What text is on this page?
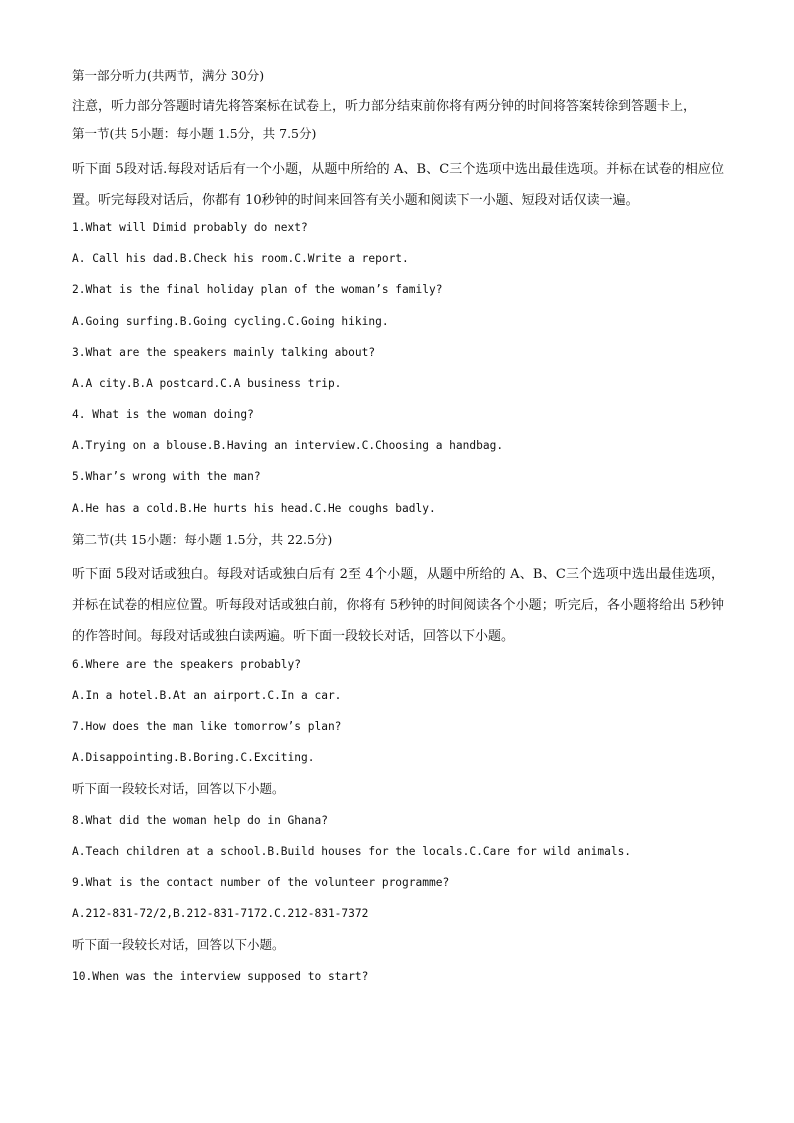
第一部分听力(共两节，满分 30分)
注意，听力部分答题时请先将答案标在试卷上，听力部分结束前你将有两分钟的时间将答案转徐到答题卡上，
第一节(共 5小题：每小题 1.5分，共 7.5分)
听下面 5段对话.每段对话后有一个小题，从题中所给的 A、B、C三个选项中选出最佳选项。并标在试卷的相应位置。听完每段对话后，你都有 10秒钟的时间来回答有关小题和阅读下一小题、短段对话仅读一遍。
1.What will Dimid probably do next?
A. Call his dad.B.Check his room.C.Write a report.
2.What is the final holiday plan of the woman’s family?
A.Going surfing.B.Going cycling.C.Going hiking.
3.What are the speakers mainly talking about?
A.A city.B.A postcard.C.A business trip.
4. What is the woman doing?
A.Trying on a blouse.B.Having an interview.C.Choosing a handbag.
5.Whar’s wrong with the man?
A.He has a cold.B.He hurts his head.C.He coughs badly.
第二节(共 15小题：每小题 1.5分，共 22.5分)
听下面 5段对话或独白。每段对话或独白后有 2至 4个小题，从题中所给的 A、B、C三个选项中选出最佳选项，并标在试卷的相应位置。听每段对话或独白前，你将有 5秒钟的时间阅读各个小题；听完后，各小题将给出 5秒钟的作答时间。每段对话或独白读两遍。听下面一段较长对话，回答以下小题。
6.Where are the speakers probably?
A.In a hotel.B.At an airport.C.In a car.
7.How does the man like tomorrow’s plan?
A.Disappointing.B.Boring.C.Exciting.
听下面一段较长对话，回答以下小题。
8.What did the woman help do in Ghana?
A.Teach children at a school.B.Build houses for the locals.C.Care for wild animals.
9.What is the contact number of the volunteer programme?
A.212-831-72/2,B.212-831-7172.C.212-831-7372
听下面一段较长对话，回答以下小题。
10.When was the interview supposed to start?
